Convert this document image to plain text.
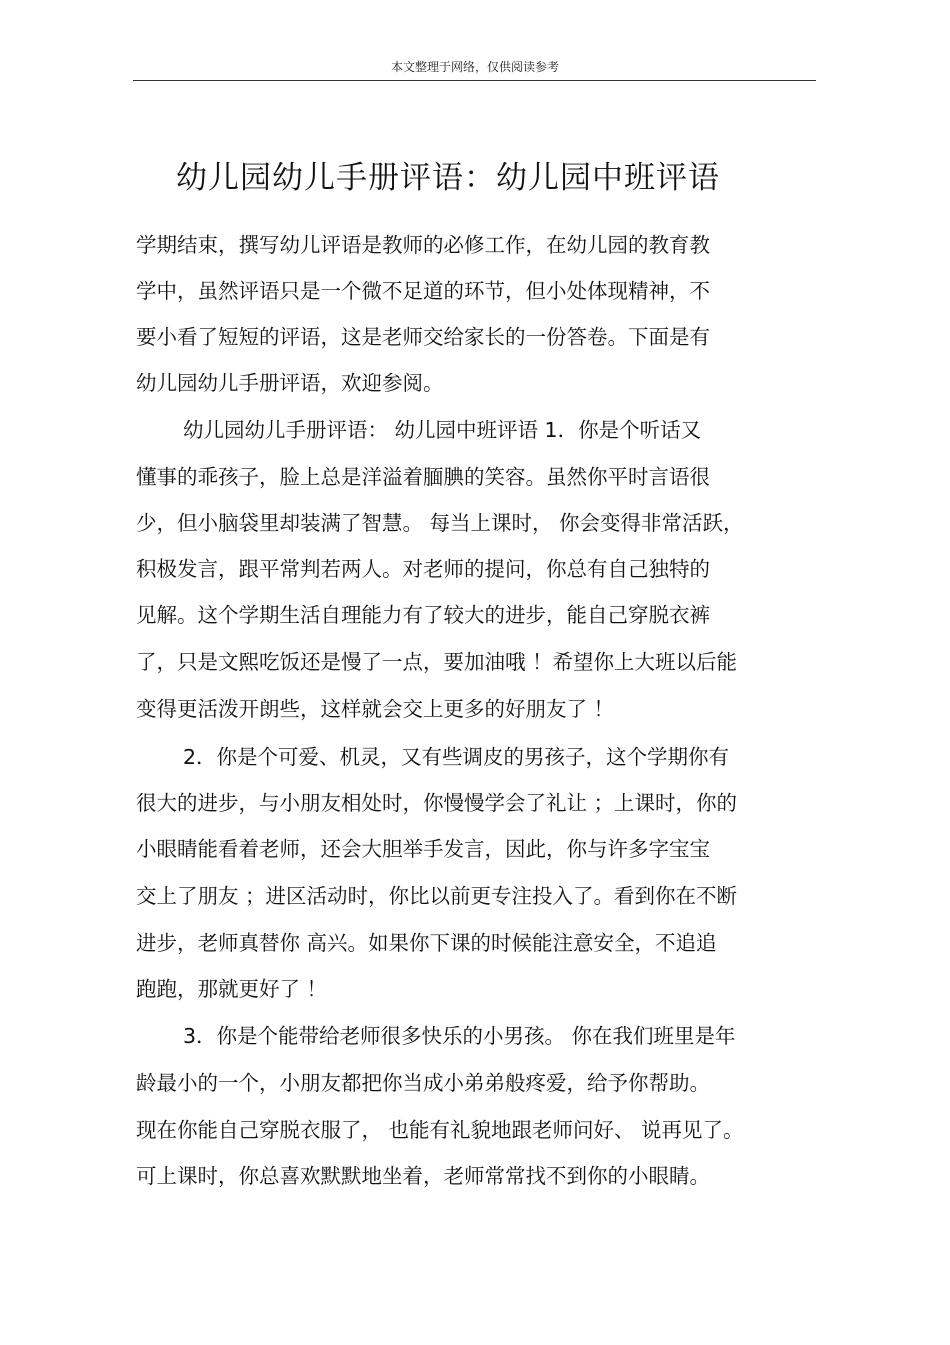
本文整理于网络，仅供阅读参考
幼儿园幼儿手册评语：幼儿园中班评语
学期结束，撰写幼儿评语是教师的必修工作，在幼儿园的教育教
学中，虽然评语只是一个微不足道的环节，但小处体现精神，不
要小看了短短的评语，这是老师交给家长的一份答卷。下面是有
幼儿园幼儿手册评语，欢迎参阅。
幼儿园幼儿手册评语： 幼儿园中班评语 1．你是个听话又
懂事的乖孩子，脸上总是洋溢着腼腆的笑容。虽然你平时言语很
少，但小脑袋里却装满了智慧。 每当上课时， 你会变得非常活跃，
积极发言，跟平常判若两人。对老师的提问，你总有自己独特的
见解。这个学期生活自理能力有了较大的进步，能自己穿脱衣裤
了，只是文熙吃饭还是慢了一点，要加油哦 ！希望你上大班以后能
变得更活泼开朗些，这样就会交上更多的好朋友了 ！
2．你是个可爱、机灵，又有些调皮的男孩子，这个学期你有
很大的进步，与小朋友相处时，你慢慢学会了礼让 ；上课时，你的
小眼睛能看着老师，还会大胆举手发言，因此，你与许多字宝宝
交上了朋友 ；进区活动时，你比以前更专注投入了。看到你在不断
进步，老师真替你 高兴。如果你下课的时候能注意安全，不追追
跑跑，那就更好了 ！
3．你是个能带给老师很多快乐的小男孩。 你在我们班里是年
龄最小的一个，小朋友都把你当成小弟弟般疼爱，给予你帮助。
现在你能自己穿脱衣服了， 也能有礼貌地跟老师问好、 说再见了。
可上课时，你总喜欢默默地坐着，老师常常找不到你的小眼睛。
